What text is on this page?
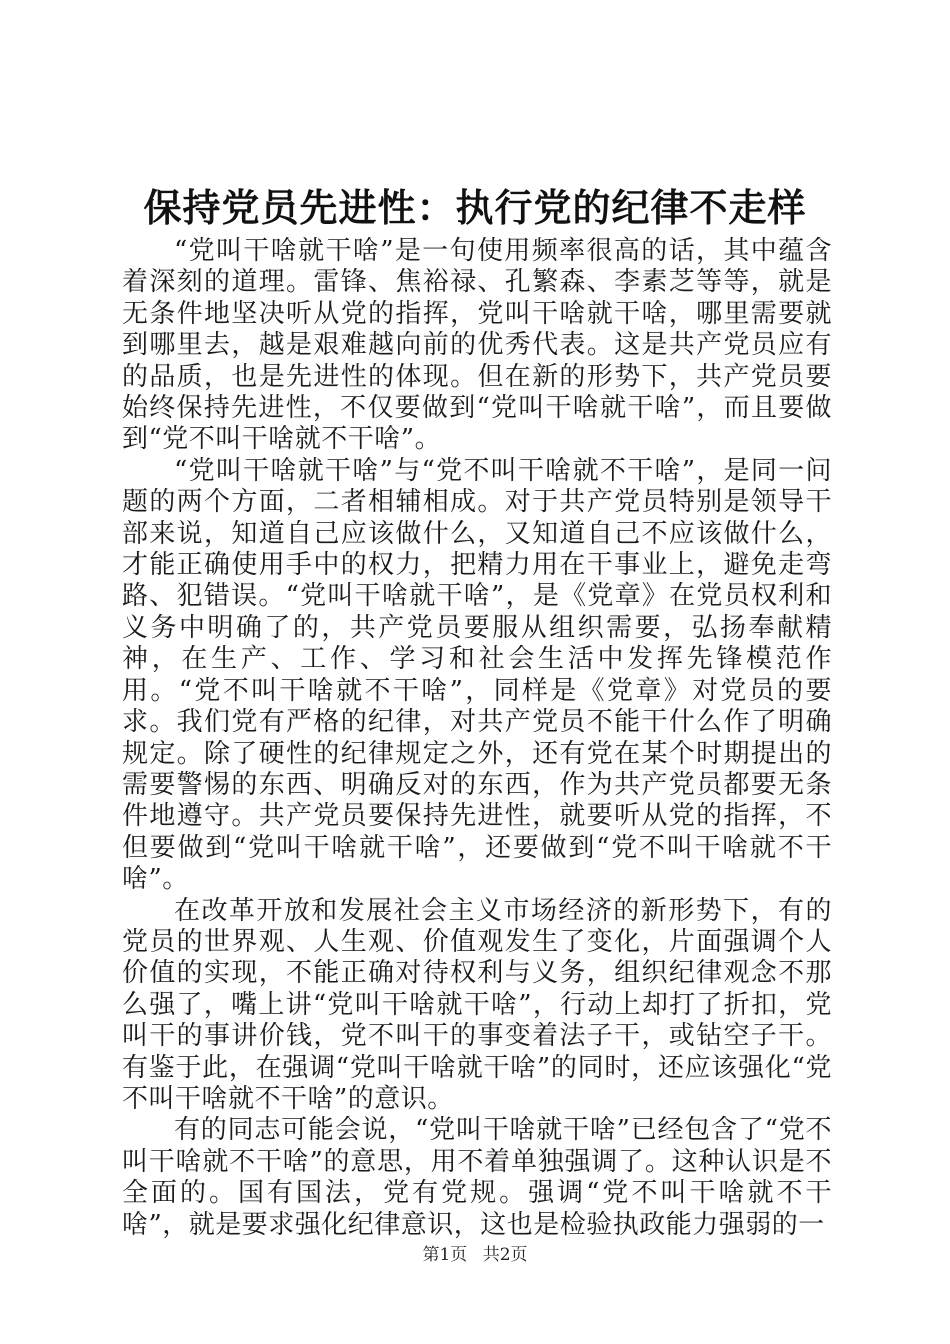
保持党员先进性：执行党的纪律不走样

“党叫干啥就干啥”是一句使用频率很高的话，其中蕴含着深刻的道理。雷锋、焦裕禄、孔繁森、李素芝等等，就是无条件地坚决听从党的指挥，党叫干啥就干啥，哪里需要就到哪里去，越是艰难越向前的优秀代表。这是共产党员应有的品质，也是先进性的体现。但在新的形势下，共产党员要始终保持先进性，不仅要做到“党叫干啥就干啥”，而且要做到“党不叫干啥就不干啥”。

“党叫干啥就干啥”与“党不叫干啥就不干啥”，是同一问题的两个方面，二者相辅相成。对于共产党员特别是领导干部来说，知道自己应该做什么，又知道自己不应该做什么，才能正确使用手中的权力，把精力用在干事业上，避免走弯路、犯错误。“党叫干啥就干啥”，是《党章》在党员权利和义务中明确了的，共产党员要服从组织需要，弘扬奉献精神，在生产、工作、学习和社会生活中发挥先锋模范作用。“党不叫干啥就不干啥”，同样是《党章》对党员的要求。我们党有严格的纪律，对共产党员不能干什么作了明确规定。除了硬性的纪律规定之外，还有党在某个时期提出的需要警惕的东西、明确反对的东西，作为共产党员都要无条件地遵守。共产党员要保持先进性，就要听从党的指挥，不但要做到“党叫干啥就干啥”，还要做到“党不叫干啥就不干啥”。

在改革开放和发展社会主义市场经济的新形势下，有的党员的世界观、人生观、价值观发生了变化，片面强调个人价值的实现，不能正确对待权利与义务，组织纪律观念不那么强了，嘴上讲“党叫干啥就干啥”，行动上却打了折扣，党叫干的事讲价钱，党不叫干的事变着法子干，或钻空子干。有鉴于此，在强调“党叫干啥就干啥”的同时，还应该强化“党不叫干啥就不干啥”的意识。

有的同志可能会说，“党叫干啥就干啥”已经包含了“党不叫干啥就不干啥”的意思，用不着单独强调了。这种认识是不全面的。国有国法，党有党规。强调“党不叫干啥就不干啥”，就是要求强化纪律意识，这也是检验执政能力强弱的一

第1页 共2页
